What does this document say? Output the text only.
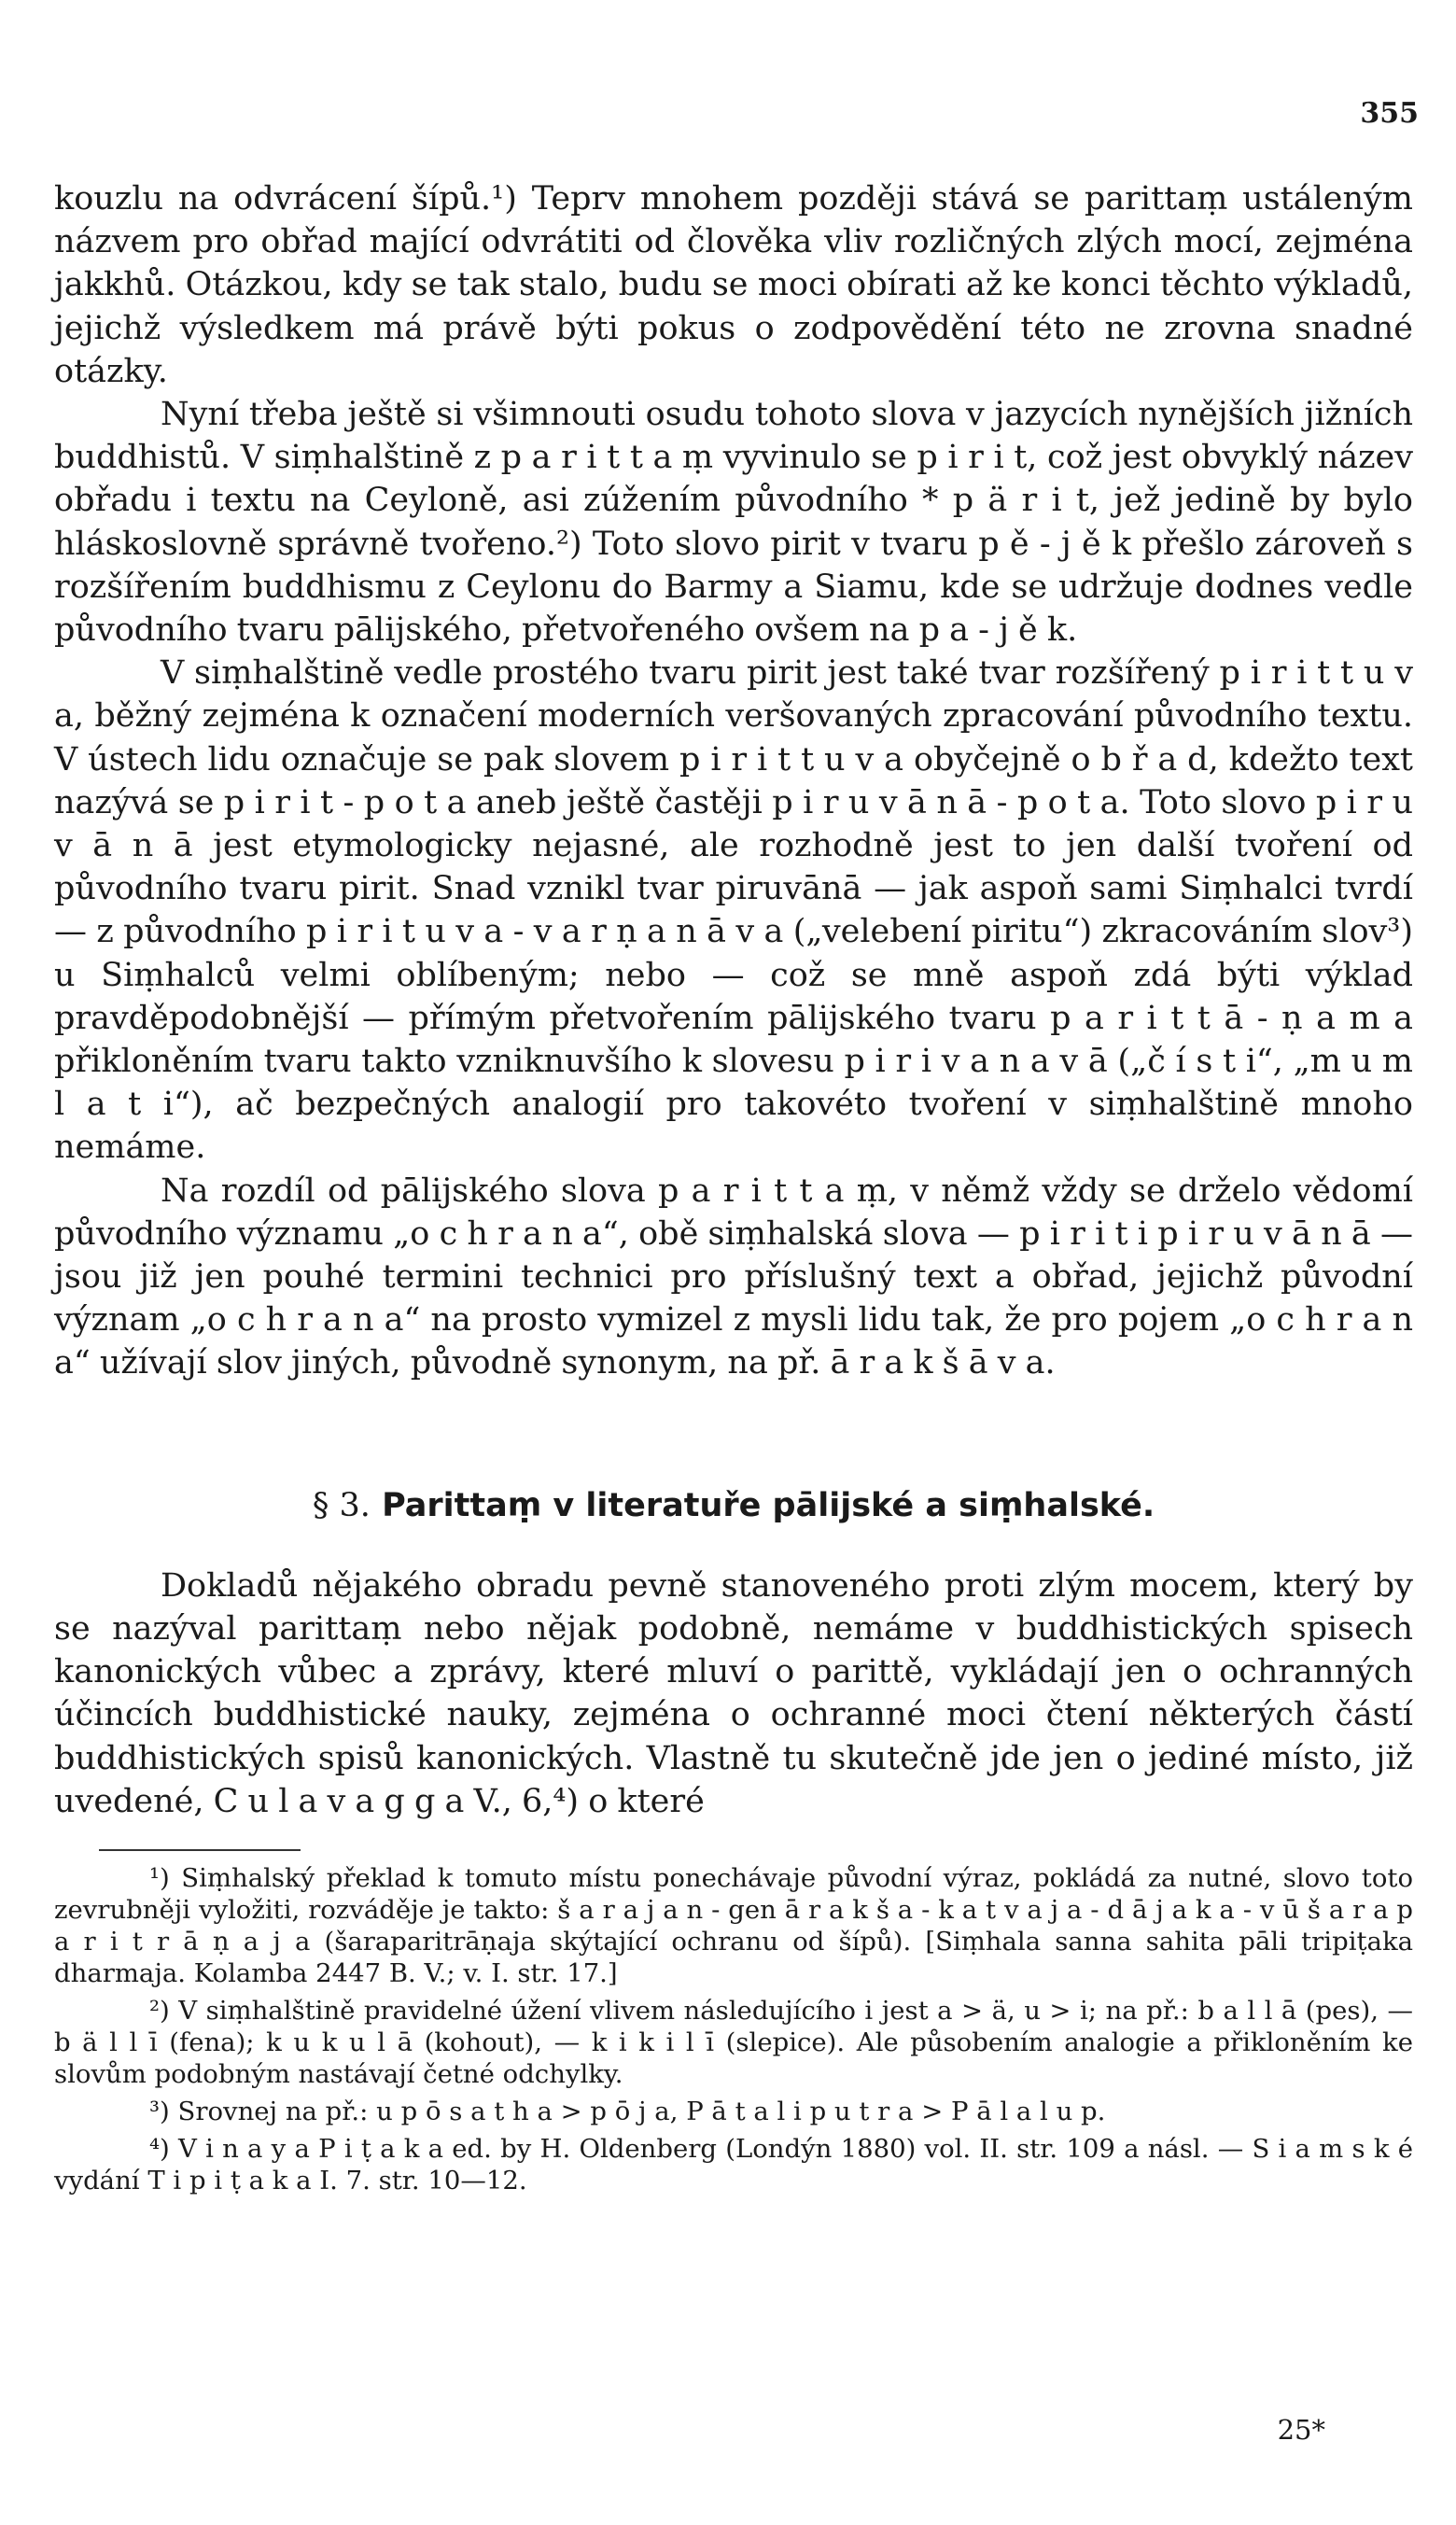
355

kouzlu na odvrácení šípů.¹) Teprv mnohem později stává se parittaṃ ustáleným názvem pro obřad mající odvrátiti od člověka vliv rozličných zlých mocí, zejména jakkhů. Otázkou, kdy se tak stalo, budu se moci obírati až ke konci těchto výkladů, jejichž výsledkem má právě býti pokus o zodpovědění této ne zrovna snadné otázky.

Nyní třeba ještě si všimnouti osudu tohoto slova v jazycích nynějších jižních buddhistů. V siṃhalštině z p a r i t t a ṃ vyvinulo se p i r i t, což jest obvyklý název obřadu i textu na Ceyloně, asi zúžením původního * p ä r i t, jež jedině by bylo hláskoslovně správně tvořeno.²) Toto slovo pirit v tvaru p ě - j ě k přešlo zároveň s rozšířením buddhismu z Ceylonu do Barmy a Siamu, kde se udržuje dodnes vedle původního tvaru pālijského, přetvořeného ovšem na p a - j ě k.

V siṃhalštině vedle prostého tvaru pirit jest také tvar rozšířený p i r i t t u v a, běžný zejména k označení moderních veršovaných zpracování původního textu. V ústech lidu označuje se pak slovem p i r i t t u v a obyčejně o b ř a d, kdežto text nazývá se p i r i t - p o t a aneb ještě častěji p i r u v ā n ā - p o t a. Toto slovo p i r u v ā n ā jest etymologicky nejasné, ale rozhodně jest to jen další tvoření od původního tvaru pirit. Snad vznikl tvar piruvānā — jak aspoň sami Siṃhalci tvrdí — z původního p i r i t u v a - v a r ṇ a n ā v a („velebení piritu“) zkracováním slov³) u Siṃhalců velmi oblíbeným; nebo — což se mně aspoň zdá býti výklad pravděpodobnější — přímým přetvořením pālijského tvaru p a r i t t ā - ṇ a m a přikloněním tvaru takto vzniknuvšího k slovesu p i r i v a n a v ā („č í s t i“, „m u m l a t i“), ač bezpečných analogií pro takovéto tvoření v siṃhalštině mnoho nemáme.

Na rozdíl od pālijského slova p a r i t t a ṃ, v němž vždy se drželo vědomí původního významu „o c h r a n a“, obě siṃhalská slova — p i r i t i p i r u v ā n ā — jsou již jen pouhé termini technici pro příslušný text a obřad, jejichž původní význam „o c h r a n a“ na prosto vymizel z mysli lidu tak, že pro pojem „o c h r a n a“ užívají slov jiných, původně synonym, na př. ā r a k š ā v a.

§ 3. Parittaṃ v literatuře pālijské a siṃhalské.

Dokladů nějakého obradu pevně stanoveného proti zlým mocem, který by se nazýval parittaṃ nebo nějak podobně, nemáme v buddhistických spisech kanonických vůbec a zprávy, které mluví o parittě, vykládají jen o ochranných účincích buddhistické nauky, zejména o ochranné moci čtení některých částí buddhistických spisů kanonických. Vlastně tu skutečně jde jen o jediné místo, již uvedené, C u l a v a g g a V., 6,⁴) o které

¹) Siṃhalský překlad k tomuto místu ponechávaje původní výraz, pokládá za nutné, slovo toto zevrubněji vyložiti, rozváděje je takto: š a r a j a n - gen ā r a k š a - k a t v a j a - d ā j a k a - v ū š a r a p a r i t r ā ṇ a j a (šaraparitrāṇaja skýtající ochranu od šípů). [Siṃhala sanna sahita pāli tripiṭaka dharmaja. Kolamba 2447 B. V.; v. I. str. 17.]

²) V siṃhalštině pravidelné úžení vlivem následujícího i jest a > ä, u > i; na př.: b a l l ā (pes), — b ä l l ī (fena); k u k u l ā (kohout), — k i k i l ī (slepice). Ale působením analogie a přikloněním ke slovům podobným nastávají četné odchylky.

³) Srovnej na př.: u p ō s a t h a > p ō j a, P ā t a l i p u t r a > P ā l a l u p.

⁴) V i n a y a P i ṭ a k a ed. by H. Oldenberg (Londýn 1880) vol. II. str. 109 a násl. — S i a m s k é vydání T i p i ṭ a k a I. 7. str. 10—12.

25*
